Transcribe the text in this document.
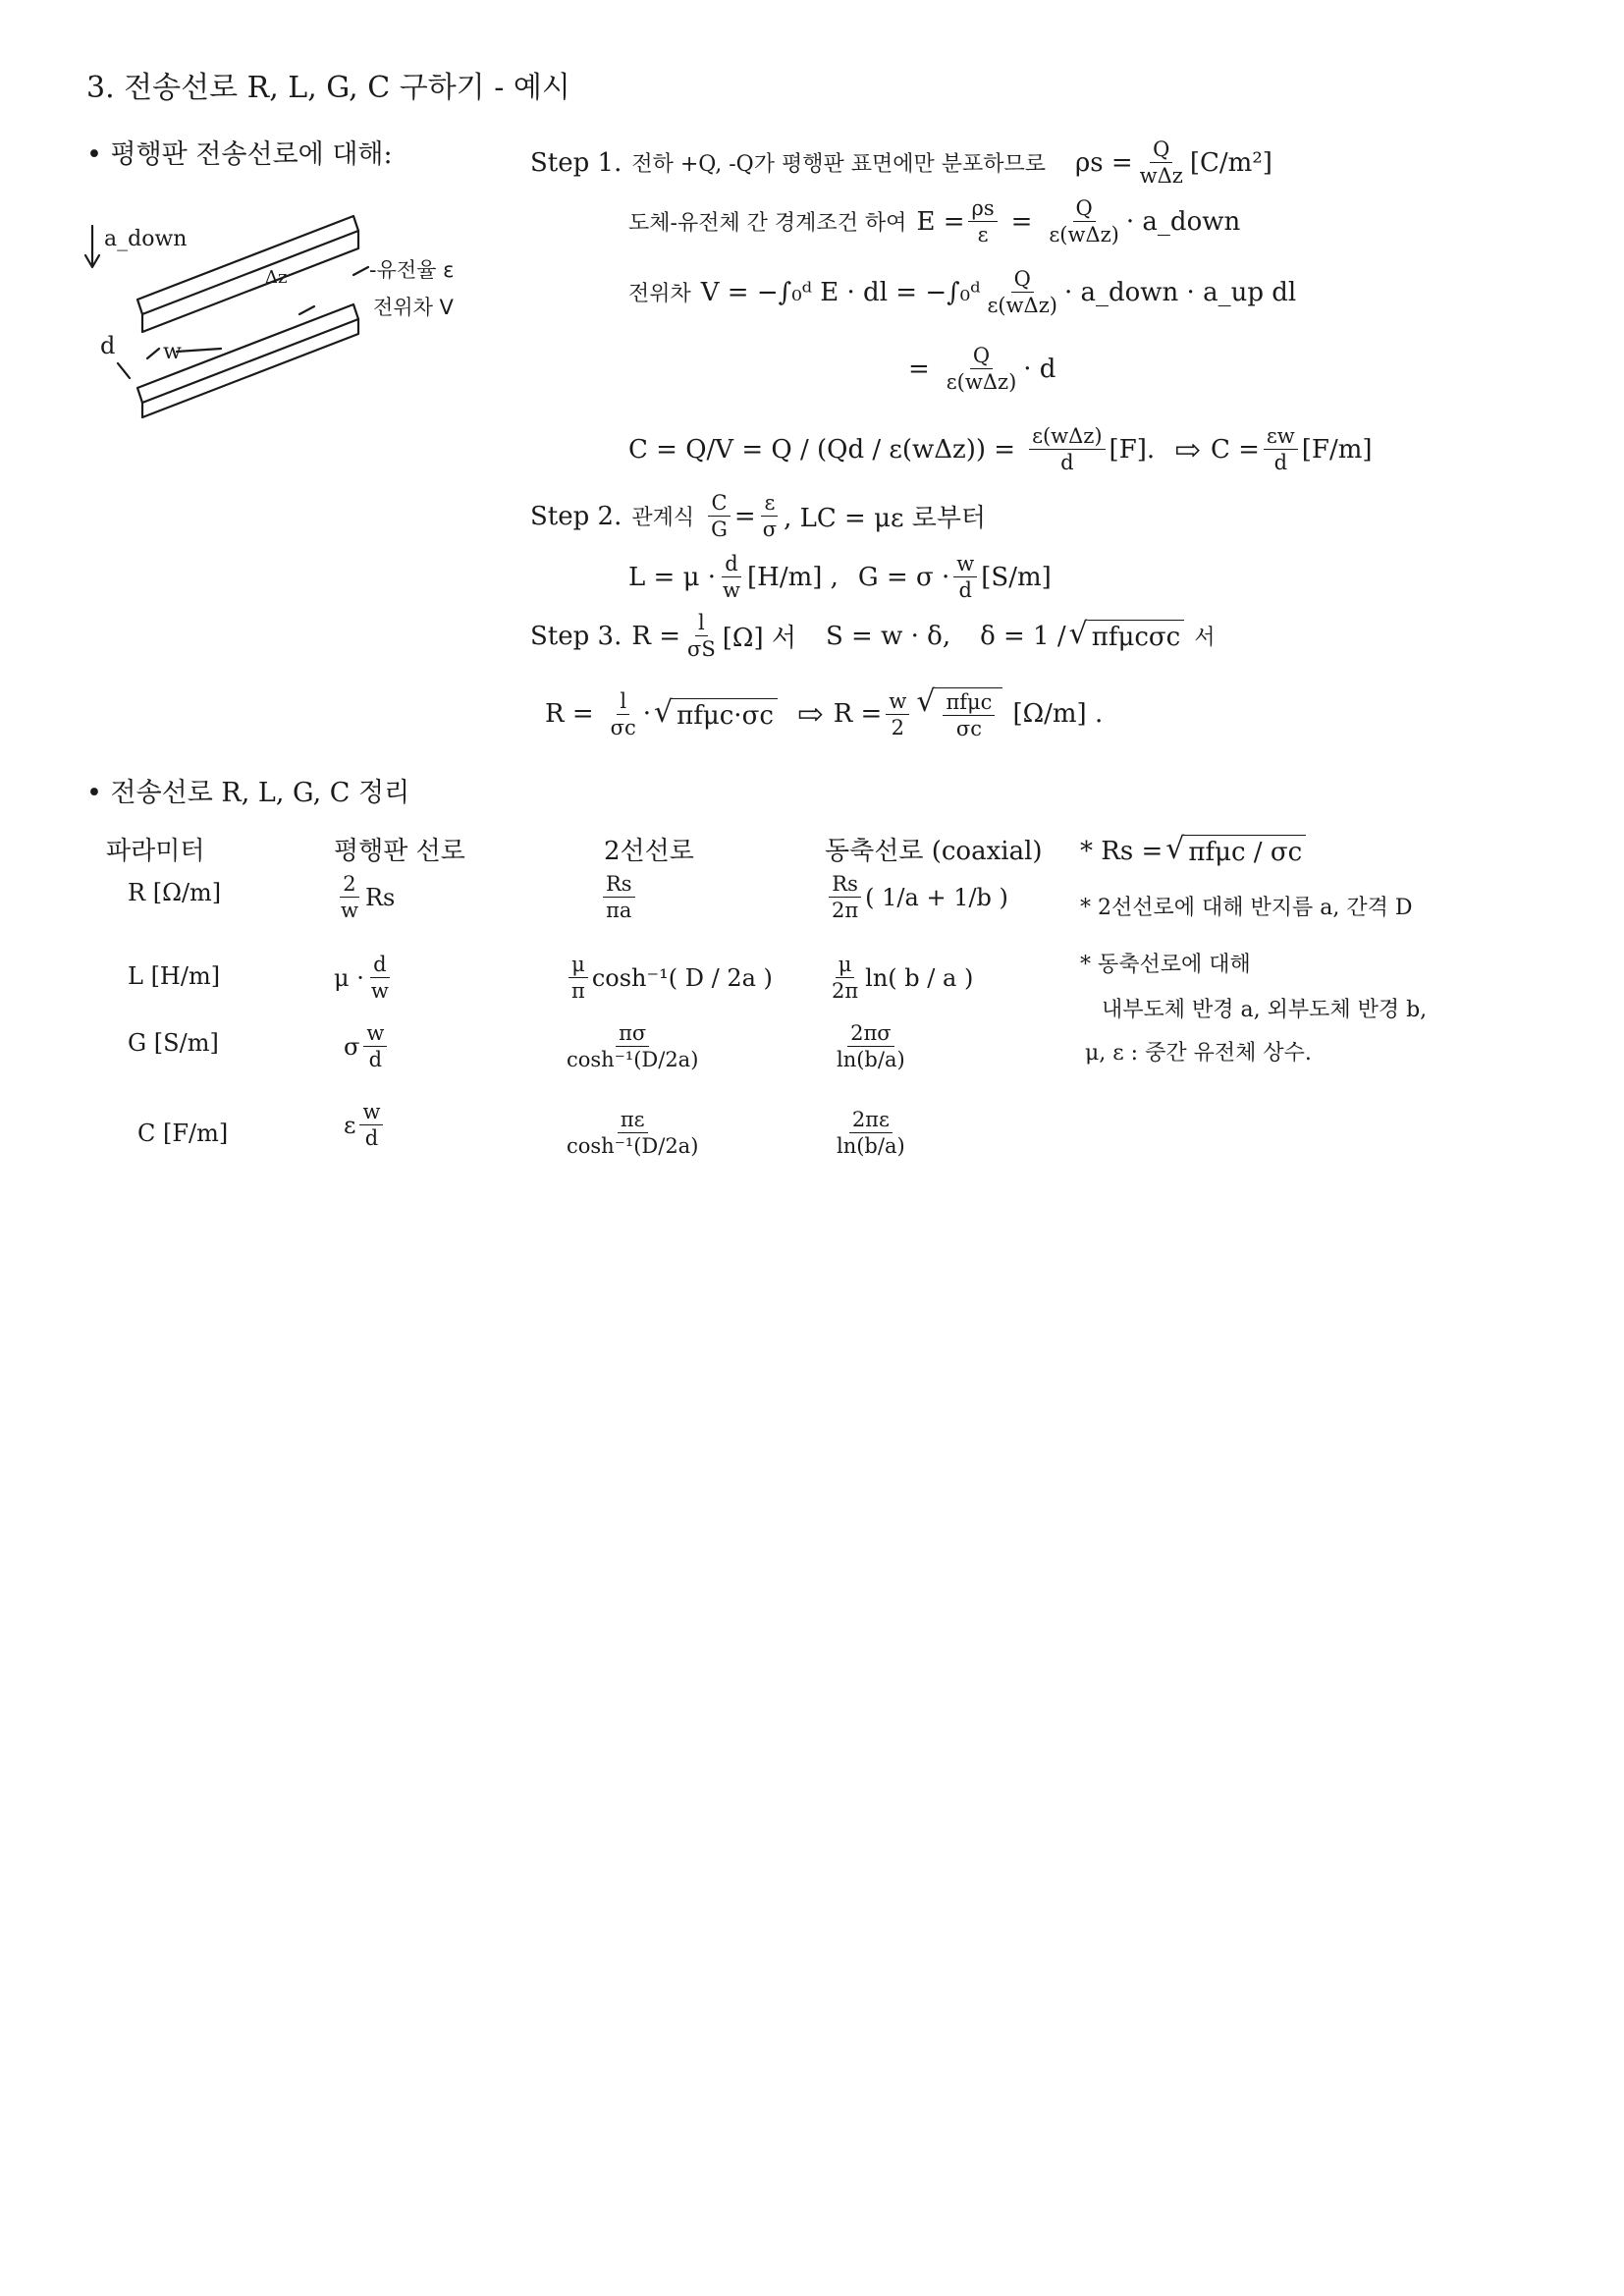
3. 전송선로 R, L, G, C 구하기 - 예시
• 평행판 전송선로에 대해:
a_down
Δz
w
d
-유전율 ε
전위차 V
Step 1. 전하 +Q, -Q가 평행판 표면에만 분포하므로 $\rho s = \frac{Q}{\text{wΔz}} [C/m^2]$
도체-유전체 간 경계조건 하여 $E = \frac{\rho s}{\varepsilon} = \frac{Q}{\text{ε(wΔz)}}$ · a_down
전위차 V = −∫₀ᵈ E · dl = −∫₀ᵈ $\frac{Q}{\text{ε(wΔz)}}$ · a_down · a_up dl
= $\frac{Q}{\text{ε(wΔz)}} \cdot d$
$C = Q/V = Q / (Qd / \varepsilon(w\Delta z)) = \frac{\text{ε(wΔz)}}{d} [F]$. ⇨ $C = \frac{\varepsilon w}{d} [F/m]$
Step 2. 관계식 $\frac{C}{G} = \frac{\varepsilon}{\sigma}$ , LC = με 로부터
$L = \mu \cdot \frac{d}{w} [H/m]$ , $G = \sigma \cdot \frac{w}{d} [S/m]$
Step 3. $R = \frac{l}{\sigma S} [\Omega]$ 서 S = w · δ, δ = 1 / √ πfμcσc 서
$R = \frac{l}{\sigma c}$ · √ πfμc·σc ⇨ $R = \frac{w}{2}$ √ $\frac{\text{πfμc}}{\sigma c} [\Omega/m]$ .
• 전송선로 R, L, G, C 정리
파라미터	평행판 선로	2선선로	동축선로 (coaxial)
R [Ω/m]	$\frac{2}{w}$ Rs	$\frac{Rs}{\pi a}$	$\frac{Rs}{2\pi}$ ( 1/a + 1/b )
L [H/m]	$\mu \cdot \frac{d}{w}$	$\frac{\mu}{\pi} \cosh^{-1}$( D / 2a )	$\frac{\mu}{2\pi} \ln$( b / a )
G [S/m]	σ $\frac{w}{d}$	$\frac{\pi\sigma}{\text{cosh⁻¹(D/2a)}}$	$\frac{2\pi\sigma}{\ln(b/a)}$
C [F/m]	ε $\frac{w}{d}$	$\frac{\pi\varepsilon}{\text{cosh⁻¹(D/2a)}}$	$\frac{2\pi\varepsilon}{\ln(b/a)}$
* Rs = √ πfμc / σc
* 2선선로에 대해 반지름 a, 간격 D
* 동축선로에 대해
내부도체 반경 a, 외부도체 반경 b,
μ, ε : 중간 유전체 상수.
